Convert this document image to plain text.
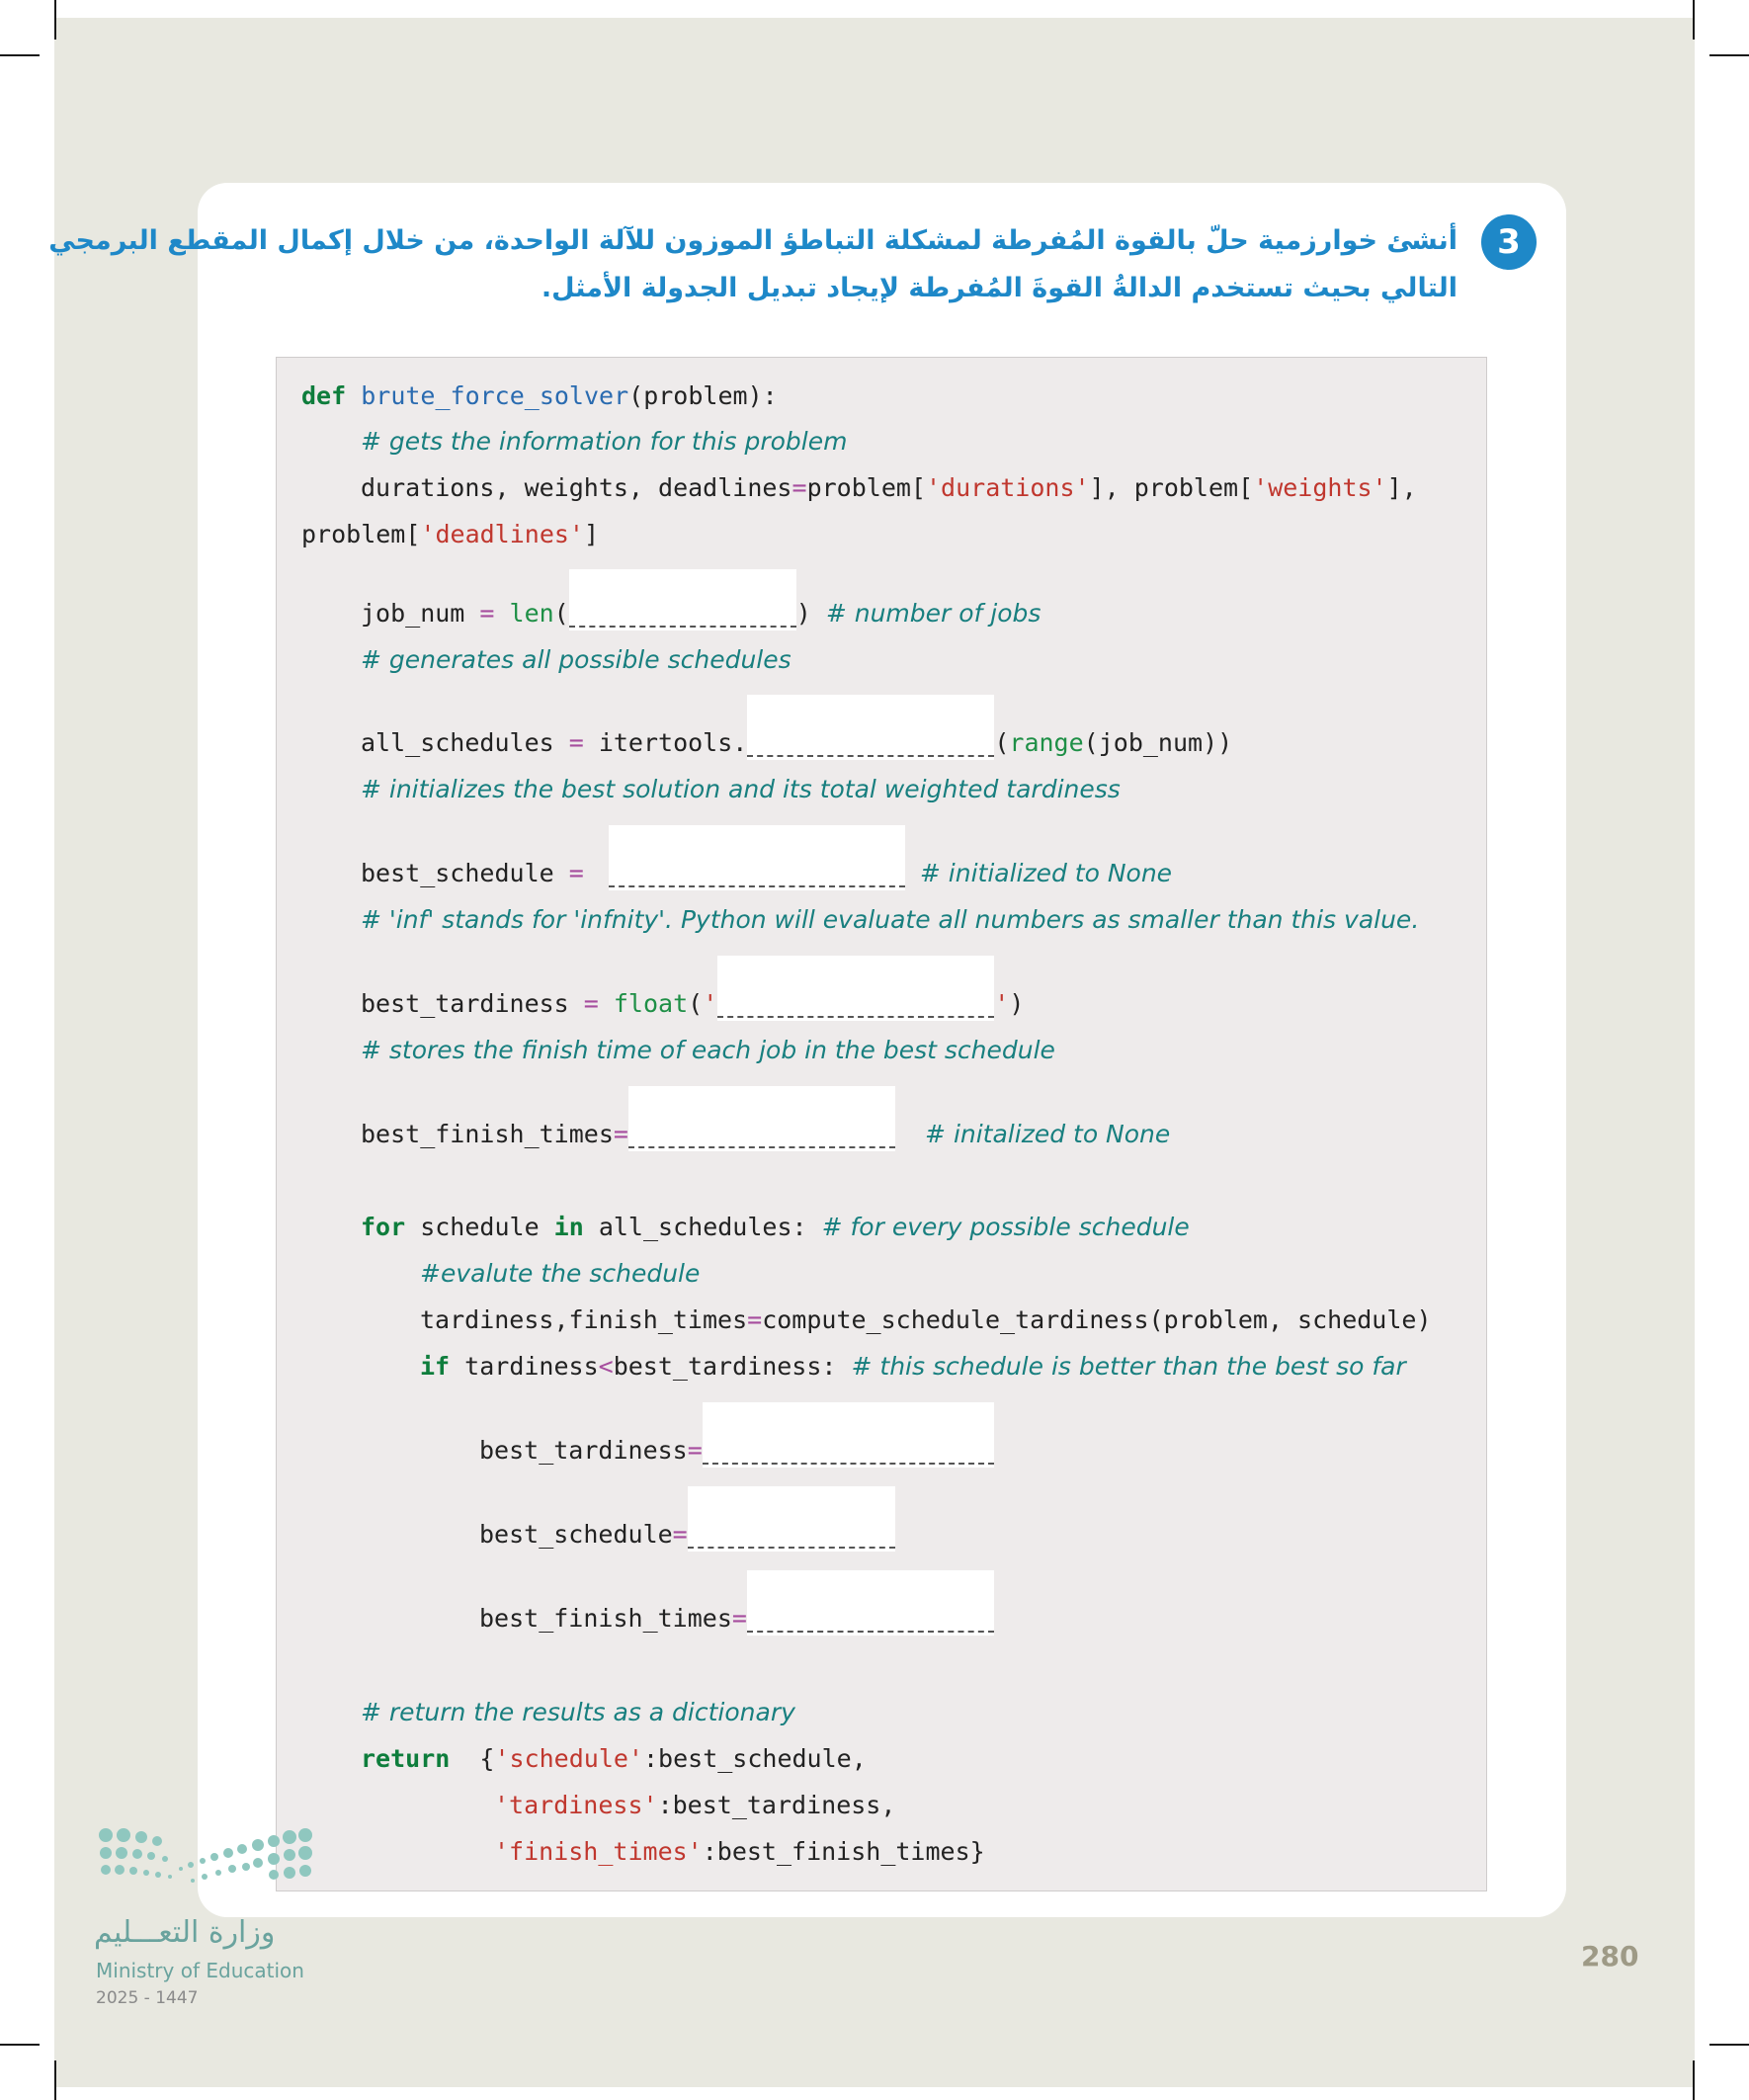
3
أنشئ خوارزمية حلّ بالقوة المُفرطة لمشكلة التباطؤ الموزون للآلة الواحدة، من خلال إكمال المقطع البرمجي
التالي بحيث تستخدم الدالةُ القوةَ المُفرطة لإيجاد تبديل الجدولة الأمثل.
def brute_force_solver(problem):
# gets the information for this problem
durations, weights, deadlines=problem['durations'], problem['weights'],
problem['deadlines']
job_num = len(	) # number of jobs
# generates all possible schedules
all_schedules = itertools.	(range(job_num))
# initializes the best solution and its total weighted tardiness
best_schedule =	# initialized to None
# 'inf' stands for 'infnity'. Python will evaluate all numbers as smaller than this value.
best_tardiness = float('	')
# stores the finish time of each job in the best schedule
best_finish_times=	# initalized to None
for schedule in all_schedules: # for every possible schedule
#evalute the schedule
tardiness,finish_times=compute_schedule_tardiness(problem, schedule)
if tardiness<best_tardiness: # this schedule is better than the best so far
best_tardiness=
best_schedule=
best_finish_times=
# return the results as a dictionary
return  {'schedule':best_schedule,
'tardiness':best_tardiness,
'finish_times':best_finish_times}
وزارة التعـــليم
Ministry of Education
2025 - 1447
280
